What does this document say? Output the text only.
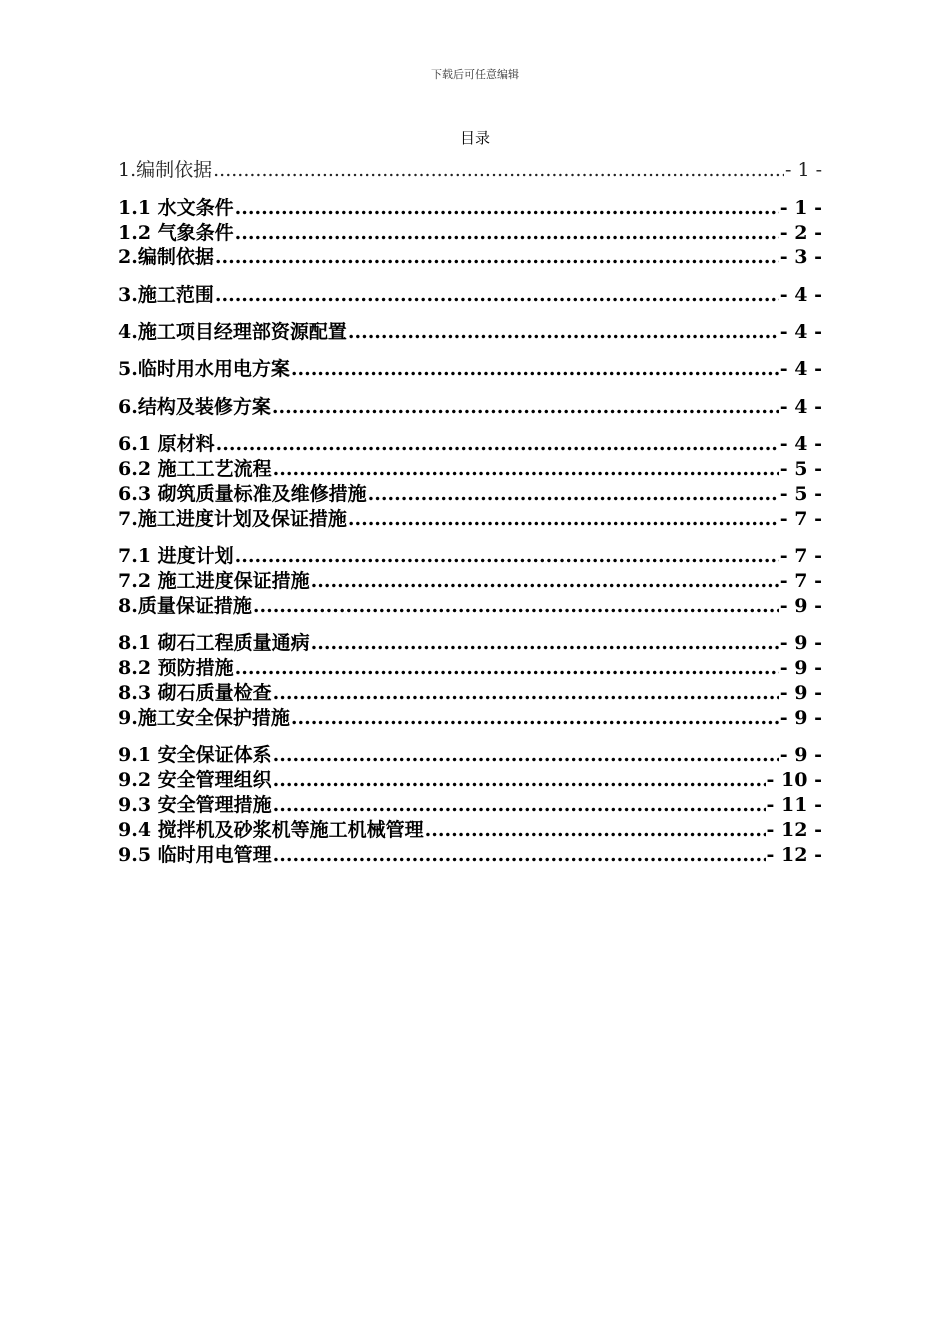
下载后可任意编辑
目录
1.编制依据 .....	- 1 -
1.1 水文条件 .....	- 1 -
1.2 气象条件 .....	- 2 -
2.编制依据 .....	- 3 -
3.施工范围 .....	- 4 -
4.施工项目经理部资源配置 .....	- 4 -
5.临时用水用电方案 .....	- 4 -
6.结构及装修方案 .....	- 4 -
6.1 原材料 .....	- 4 -
6.2 施工工艺流程 .....	- 5 -
6.3 砌筑质量标准及维修措施 .....	- 5 -
7.施工进度计划及保证措施 .....	- 7 -
7.1 进度计划 .....	- 7 -
7.2 施工进度保证措施 .....	- 7 -
8.质量保证措施 .....	- 9 -
8.1 砌石工程质量通病 .....	- 9 -
8.2 预防措施 .....	- 9 -
8.3 砌石质量检查 .....	- 9 -
9.施工安全保护措施 .....	- 9 -
9.1 安全保证体系 .....	- 9 -
9.2 安全管理组织 .....	- 10 -
9.3 安全管理措施 .....	- 11 -
9.4 搅拌机及砂浆机等施工机械管理 .....	- 12 -
9.5 临时用电管理 .....	- 12 -
